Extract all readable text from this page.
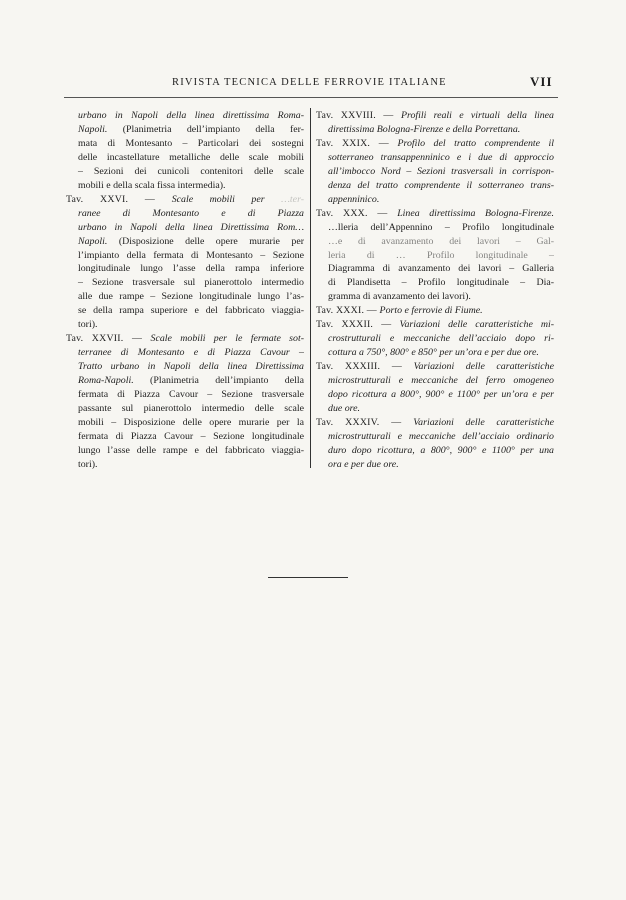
RIVISTA TECNICA DELLE FERROVIE ITALIANE	VII
urbano in Napoli della linea direttissima Roma-
Napoli. (Planimetria dell’impianto della fer-
mata di Montesanto – Particolari dei sostegni
delle incastellature metalliche delle scale mobili
– Sezioni dei cunicoli contenitori delle scale
mobili e della scala fissa intermedia).
Tav. XXVI. — Scale mobili per …ter-
ranee di Montesanto e di Piazza
urbano in Napoli della linea Direttissima Rom…
Napoli. (Disposizione delle opere murarie per
l’impianto della fermata di Montesanto – Sezione
longitudinale lungo l’asse della rampa inferiore
– Sezione trasversale sul pianerottolo intermedio
alle due rampe – Sezione longitudinale lungo l’as-
se della rampa superiore e del fabbricato viaggia-
tori).
Tav. XXVII. — Scale mobili per le fermate sot-
terranee di Montesanto e di Piazza Cavour –
Tratto urbano in Napoli della linea Direttissima
Roma-Napoli. (Planimetria dell’impianto della
fermata di Piazza Cavour – Sezione trasversale
passante sul pianerottolo intermedio delle scale
mobili – Disposizione delle opere murarie per la
fermata di Piazza Cavour – Sezione longitudinale
lungo l’asse delle rampe e del fabbricato viaggia-
tori).
Tav. XXVIII. — Profili reali e virtuali della linea
direttissima Bologna-Firenze e della Porrettana.
Tav. XXIX. — Profilo del tratto comprendente il
sotterraneo transappenninico e i due di approccio
all’imbocco Nord – Sezioni trasversali in corrispon-
denza del tratto comprendente il sotterraneo trans-
appenninico.
Tav. XXX. — Linea direttissima Bologna-Firenze.
…lleria dell’Appennino – Profilo longitudinale
…e di avanzamento dei lavori – Gal-
leria di … Profilo longitudinale –
Diagramma di avanzamento dei lavori – Galleria
di Plandisetta – Profilo longitudinale – Dia-
gramma di avanzamento dei lavori).
Tav. XXXI. — Porto e ferrovie di Fiume.
Tav. XXXII. — Variazioni delle caratteristiche mi-
crostrutturali e meccaniche dell’acciaio dopo ri-
cottura a 750°, 800° e 850° per un’ora e per due ore.
Tav. XXXIII. — Variazioni delle caratteristiche
microstrutturali e meccaniche del ferro omogeneo
dopo ricottura a 800°, 900° e 1100° per un’ora e per
due ore.
Tav. XXXIV. — Variazioni delle caratteristiche
microstrutturali e meccaniche dell’acciaio ordinario
duro dopo ricottura, a 800°, 900° e 1100° per una
ora e per due ore.
